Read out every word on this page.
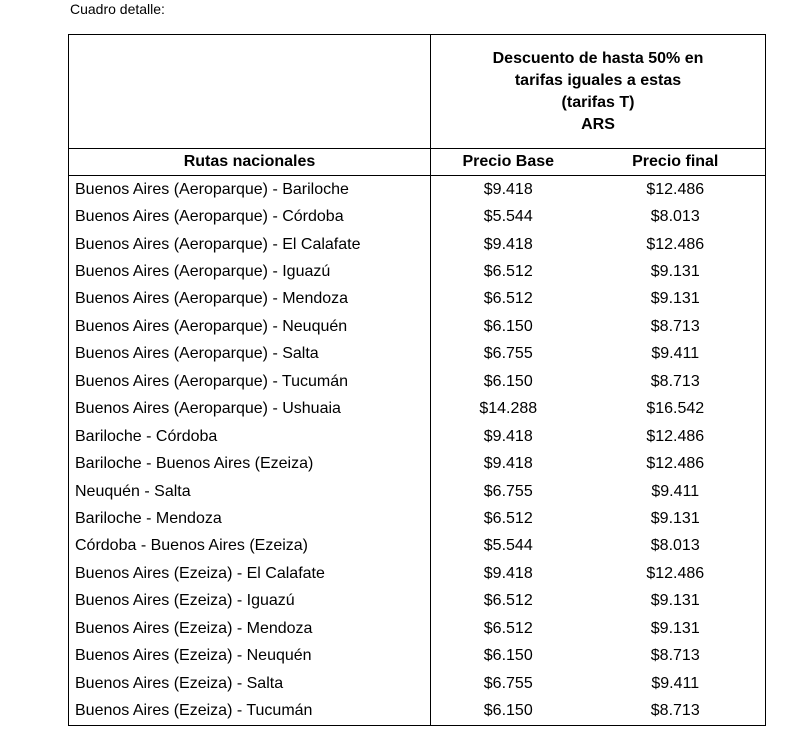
Cuadro detalle:

	Descuento de hasta 50% en
tarifas iguales a estas
(tarifas T)
ARS	

Rutas nacionales	Precio Base	Precio final
Buenos Aires (Aeroparque) - Bariloche	$9.418	$12.486
Buenos Aires (Aeroparque) - Córdoba	$5.544	$8.013
Buenos Aires (Aeroparque) - El Calafate	$9.418	$12.486
Buenos Aires (Aeroparque) - Iguazú	$6.512	$9.131
Buenos Aires (Aeroparque) - Mendoza	$6.512	$9.131
Buenos Aires (Aeroparque) - Neuquén	$6.150	$8.713
Buenos Aires (Aeroparque) - Salta	$6.755	$9.411
Buenos Aires (Aeroparque) - Tucumán	$6.150	$8.713
Buenos Aires (Aeroparque) - Ushuaia	$14.288	$16.542
Bariloche - Córdoba	$9.418	$12.486
Bariloche - Buenos Aires (Ezeiza)	$9.418	$12.486
Neuquén - Salta	$6.755	$9.411
Bariloche - Mendoza	$6.512	$9.131
Córdoba - Buenos Aires (Ezeiza)	$5.544	$8.013
Buenos Aires (Ezeiza) - El Calafate	$9.418	$12.486
Buenos Aires (Ezeiza) - Iguazú	$6.512	$9.131
Buenos Aires (Ezeiza) - Mendoza	$6.512	$9.131
Buenos Aires (Ezeiza) - Neuquén	$6.150	$8.713
Buenos Aires (Ezeiza) - Salta	$6.755	$9.411
Buenos Aires (Ezeiza) - Tucumán	$6.150	$8.713
